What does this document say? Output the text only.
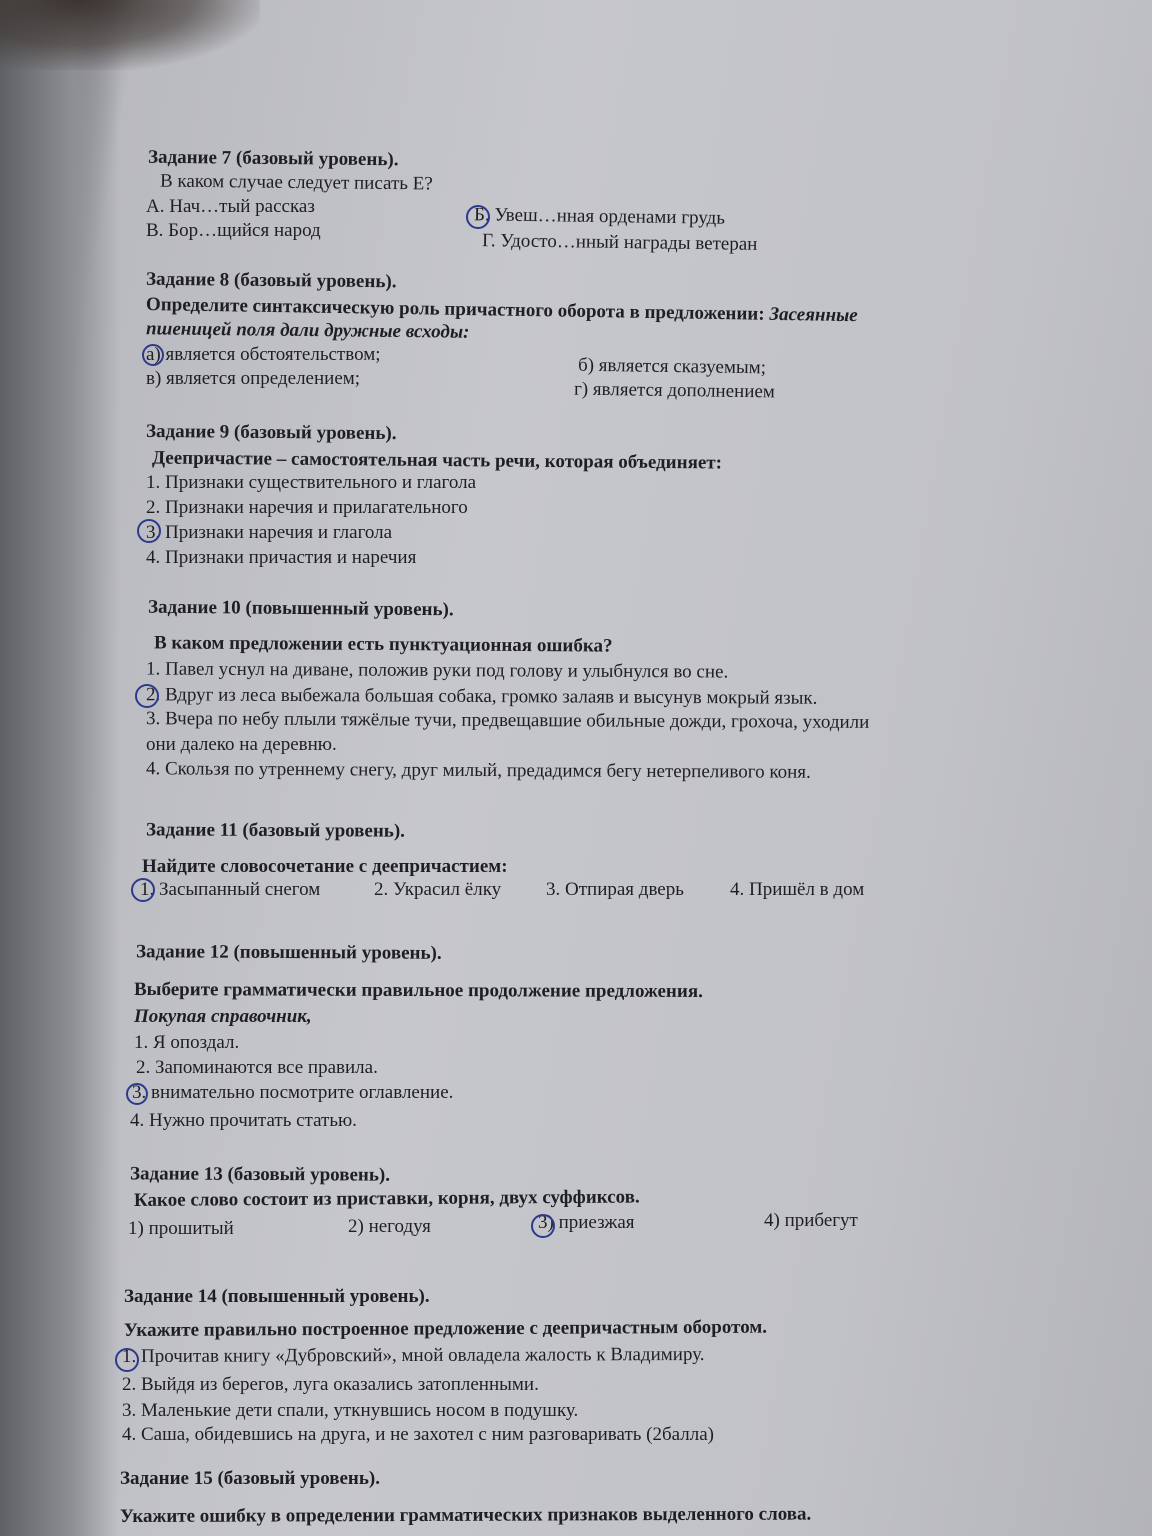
Задание 7 (базовый уровень).
В каком случае следует писать Е?
А. Нач…тый рассказ	Б. Увеш…нная орденами грудь
В. Бор…щийся народ	Г. Удосто…нный награды ветеран
Задание 8 (базовый уровень).
Определите синтаксическую роль причастного оборота в предложении: Засеянные
пшеницей поля дали дружные всходы:
а) является обстоятельством;
б) является сказуемым;
в) является определением;
г) является дополнением
Задание 9 (базовый уровень).
Деепричастие – самостоятельная часть речи, которая объединяет:
1. Признаки существительного и глагола
2. Признаки наречия и прилагательного
3. Признаки наречия и глагола
4. Признаки причастия и наречия
Задание 10 (повышенный уровень).
В каком предложении есть пунктуационная ошибка?
1. Павел уснул на диване, положив руки под голову и улыбнулся во сне.
2. Вдруг из леса выбежала большая собака, громко залаяв и высунув мокрый язык.
3. Вчера по небу плыли тяжёлые тучи, предвещавшие обильные дожди, грохоча, уходили
они далеко на деревню.
4. Скользя по утреннему снегу, друг милый, предадимся бегу нетерпеливого коня.
Задание 11 (базовый уровень).
Найдите словосочетание с деепричастием:
1. Засыпанный снегом	2. Украсил ёлку 3. Отпирая дверь 4. Пришёл в дом
Задание 12 (повышенный уровень).
Выберите грамматически правильное продолжение предложения.
Покупая справочник,
1. Я опоздал.
2. Запоминаются все правила.
3. внимательно посмотрите оглавление.
4. Нужно прочитать статью.
Задание 13 (базовый уровень).
Какое слово состоит из приставки, корня, двух суффиксов.
1) прошитый	2) негодуя	3) приезжая	4) прибегут
Задание 14 (повышенный уровень).
Укажите правильно построенное предложение с деепричастным оборотом.
1. Прочитав книгу «Дубровский», мной овладела жалость к Владимиру.
2. Выйдя из берегов, луга оказались затопленными.
3. Маленькие дети спали, уткнувшись носом в подушку.
4. Саша, обидевшись на друга, и не захотел с ним разговаривать (2балла)
Задание 15 (базовый уровень).
Укажите ошибку в определении грамматических признаков выделенного слова.
